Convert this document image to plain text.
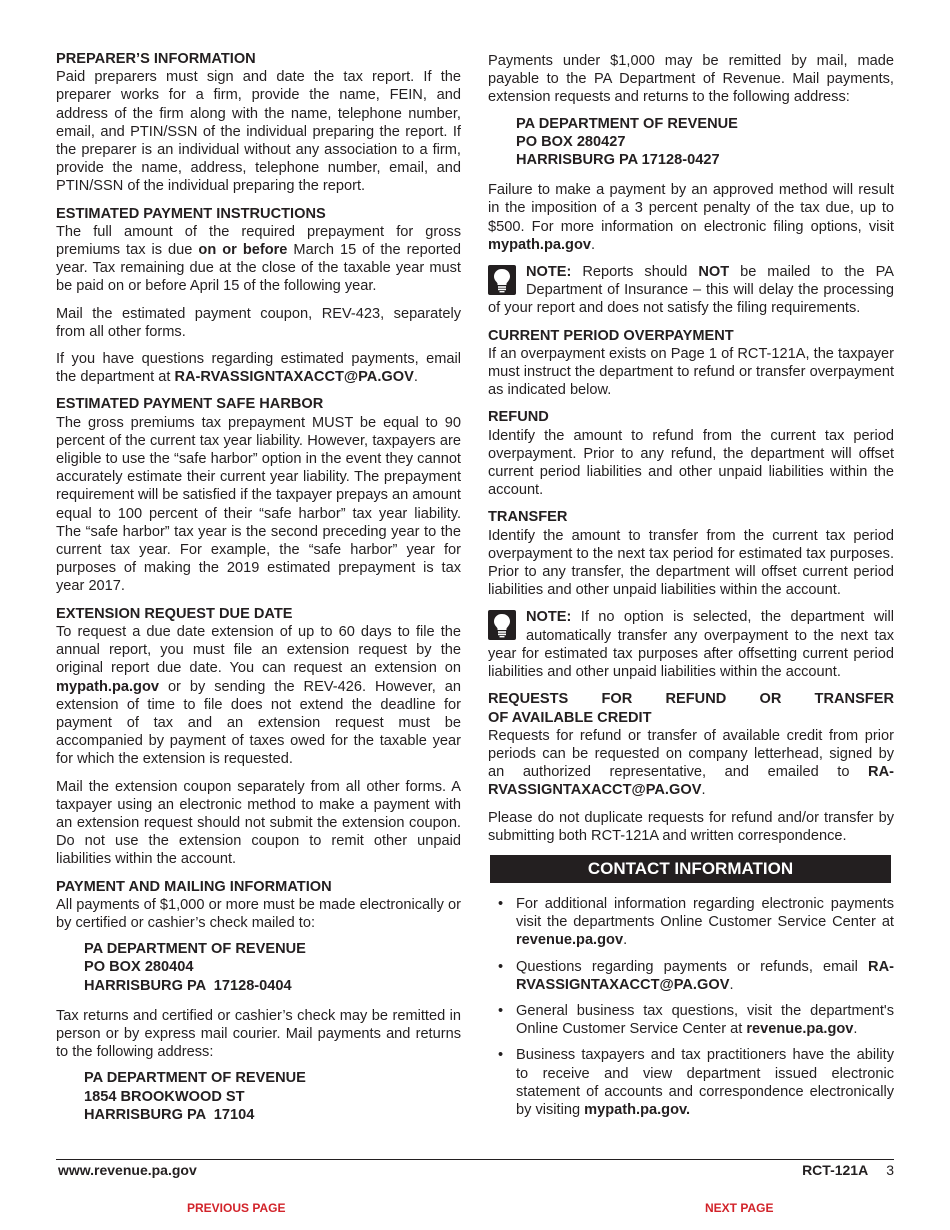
PREPARER’S INFORMATION

Paid preparers must sign and date the tax report. If the preparer works for a firm, provide the name, FEIN, and address of the firm along with the name, telephone number, email, and PTIN/SSN of the individual preparing the report. If the preparer is an individual without any association to a firm, provide the name, address, telephone number, email, and PTIN/SSN of the individual preparing the report.

ESTIMATED PAYMENT INSTRUCTIONS

The full amount of the required prepayment for gross premiums tax is due on or before March 15 of the reported year. Tax remaining due at the close of the taxable year must be paid on or before April 15 of the following year.

Mail the estimated payment coupon, REV-423, separately from all other forms.

If you have questions regarding estimated payments, email the department at RA-RVASSIGNTAXACCT@PA.GOV.

ESTIMATED PAYMENT SAFE HARBOR

The gross premiums tax prepayment MUST be equal to 90 percent of the current tax year liability. However, taxpayers are eligible to use the “safe harbor” option in the event they cannot accurately estimate their current year liability. The prepayment requirement will be satisfied if the taxpayer prepays an amount equal to 100 percent of their “safe harbor” tax year liability. The “safe harbor” tax year is the second preceding year to the current tax year. For example, the “safe harbor” year for purposes of making the 2019 estimated prepayment is tax year 2017.

EXTENSION REQUEST DUE DATE

To request a due date extension of up to 60 days to file the annual report, you must file an extension request by the original report due date. You can request an extension on mypath.pa.gov or by sending the REV-426. However, an extension of time to file does not extend the deadline for payment of tax and an extension request must be accompanied by payment of taxes owed for the taxable year for which the extension is requested.

Mail the extension coupon separately from all other forms. A taxpayer using an electronic method to make a payment with an extension request should not submit the extension coupon. Do not use the extension coupon to remit other unpaid liabilities within the account.

PAYMENT AND MAILING INFORMATION

All payments of $1,000 or more must be made electronically or by certified or cashier’s check mailed to:

PA DEPARTMENT OF REVENUE
PO BOX 280404
HARRISBURG PA  17128-0404

Tax returns and certified or cashier’s check may be remitted in person or by express mail courier. Mail payments and returns to the following address:

PA DEPARTMENT OF REVENUE
1854 BROOKWOOD ST
HARRISBURG PA  17104

Payments under $1,000 may be remitted by mail, made payable to the PA Department of Revenue. Mail payments, extension requests and returns to the following address:

PA DEPARTMENT OF REVENUE
PO BOX 280427
HARRISBURG PA 17128-0427

Failure to make a payment by an approved method will result in the imposition of a 3 percent penalty of the tax due, up to $500. For more information on electronic filing options, visit mypath.pa.gov.

NOTE: Reports should NOT be mailed to the PA Department of Insurance – this will delay the processing of your report and does not satisfy the filing requirements.
CURRENT PERIOD OVERPAYMENT

If an overpayment exists on Page 1 of RCT-121A, the taxpayer must instruct the department to refund or transfer overpayment as indicated below.

REFUND

Identify the amount to refund from the current tax period overpayment. Prior to any refund, the department will offset current period liabilities and other unpaid liabilities within the account.

TRANSFER

Identify the amount to transfer from the current tax period overpayment to the next tax period for estimated tax purposes. Prior to any transfer, the department will offset current period liabilities and other unpaid liabilities within the account.

NOTE: If no option is selected, the department will automatically transfer any overpayment to the next tax year for estimated tax purposes after offsetting current period liabilities and other unpaid liabilities within the account.
REQUESTS FOR REFUND OR TRANSFER
OF AVAILABLE CREDIT

Requests for refund or transfer of available credit from prior periods can be requested on company letterhead, signed by an authorized representative, and emailed to RA-RVASSIGNTAXACCT@PA.GOV.

Please do not duplicate requests for refund and/or transfer by submitting both RCT-121A and written correspondence.

CONTACT INFORMATION
• For additional information regarding electronic payments visit the departments Online Customer Service Center at revenue.pa.gov.
• Questions regarding payments or refunds, email RA-RVASSIGNTAXACCT@PA.GOV.
• General business tax questions, visit the department's Online Customer Service Center at revenue.pa.gov.
• Business taxpayers and tax practitioners have the ability to receive and view department issued electronic statement of accounts and correspondence electronically by visiting mypath.pa.gov.
www.revenue.pa.gov	RCT-121A 3
PREVIOUS PAGE	NEXT PAGE
